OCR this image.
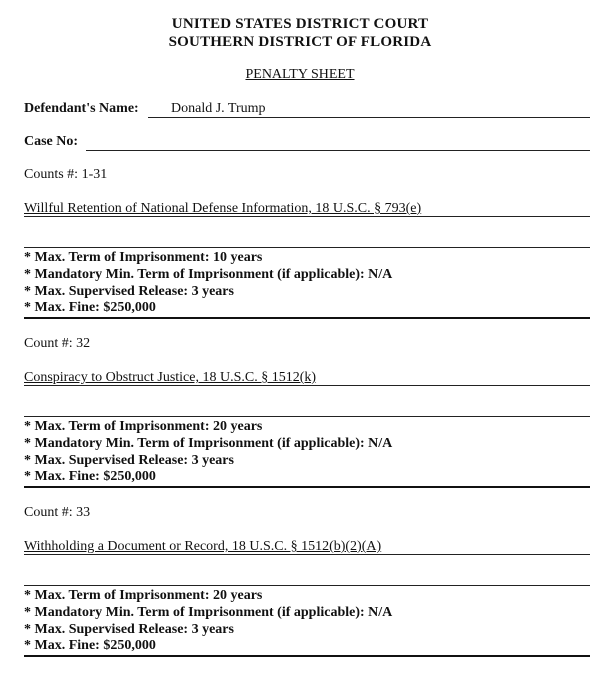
UNITED STATES DISTRICT COURT
SOUTHERN DISTRICT OF FLORIDA
PENALTY SHEET
Defendant's Name: Donald J. Trump
Case No:
Counts #: 1-31
Willful Retention of National Defense Information, 18 U.S.C. § 793(e)
* Max. Term of Imprisonment: 10 years
* Mandatory Min. Term of Imprisonment (if applicable): N/A
* Max. Supervised Release: 3 years
* Max. Fine: $250,000
Count #: 32
Conspiracy to Obstruct Justice, 18 U.S.C. § 1512(k)
* Max. Term of Imprisonment: 20 years
* Mandatory Min. Term of Imprisonment (if applicable): N/A
* Max. Supervised Release: 3 years
* Max. Fine: $250,000
Count #: 33
Withholding a Document or Record, 18 U.S.C. § 1512(b)(2)(A)
* Max. Term of Imprisonment: 20 years
* Mandatory Min. Term of Imprisonment (if applicable): N/A
* Max. Supervised Release: 3 years
* Max. Fine: $250,000
